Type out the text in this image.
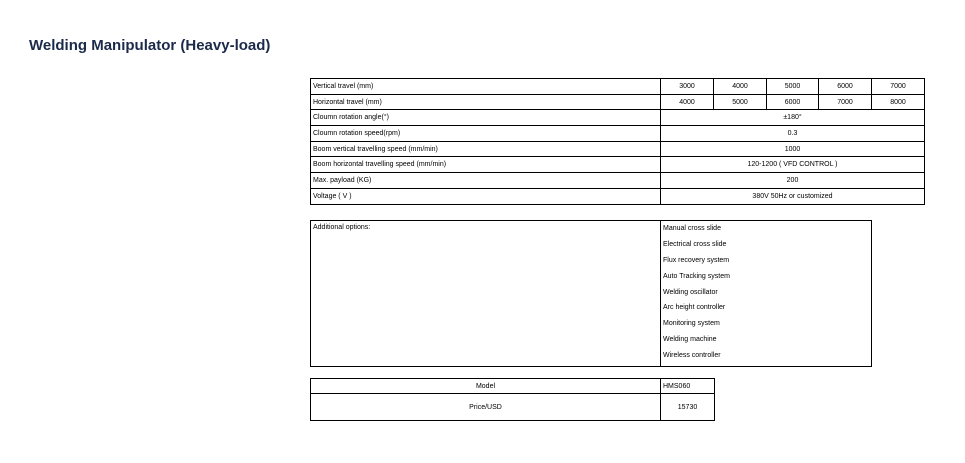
Welding Manipulator (Heavy-load)
Vertical travel (mm)	3000	4000	5000	6000	7000
Horizontal travel (mm)	4000	5000	6000	7000	8000
Cloumn rotation angle(°)	±180°				
Cloumn rotation speed(rpm)	0.3				
Boom vertical travelling speed (mm/min)	1000				
Boom horizontal travelling speed (mm/min)	120-1200 ( VFD CONTROL )				
Max. payload (KG)	200				
Voltage ( V )	380V 50Hz or customized				
Additional options:	Manual cross slide
Electrical cross slide
Flux recovery system
Auto Tracking system
Welding oscillator
Arc height controller
Monitoring system
Welding machine
Wireless controller
Model	HMS060
Price/USD	15730
